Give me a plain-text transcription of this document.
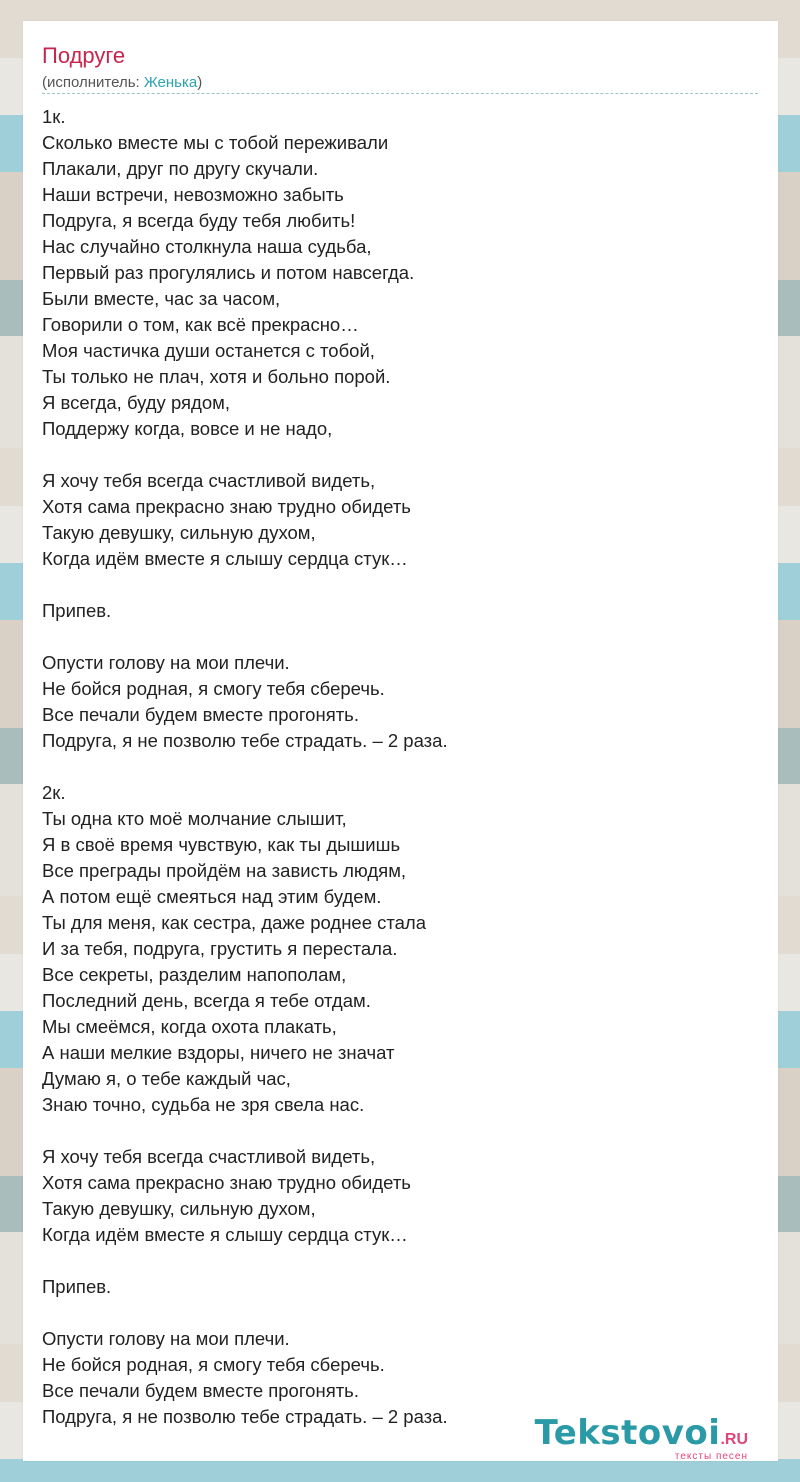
Подруге
(исполнитель: Женька)
1к.
Сколько вместе мы с тобой переживали
Плакали, друг по другу скучали.
Наши встречи, невозможно забыть
Подруга, я всегда буду тебя любить!
Нас случайно столкнула наша судьба,
Первый раз прогулялись и потом навсегда.
Были вместе, час за часом,
Говорили о том, как всё прекрасно…
Моя частичка души останется с тобой,
Ты только не плач, хотя и больно порой.
Я всегда, буду рядом,
Поддержу когда, вовсе и не надо,
Я хочу тебя всегда счастливой видеть,
Хотя сама прекрасно знаю трудно обидеть
Такую девушку, сильную духом,
Когда идём вместе я слышу сердца стук…
Припев.
Опусти голову на мои плечи.
Не бойся родная, я смогу тебя сберечь.
Все печали будем вместе прогонять.
Подруга, я не позволю тебе страдать. – 2 раза.
2к.
Ты одна кто моё молчание слышит,
Я в своё время чувствую, как ты дышишь
Все преграды пройдём на зависть людям,
А потом ещё смеяться над этим будем.
Ты для меня, как сестра, даже роднее стала
И за тебя, подруга, грустить я перестала.
Все секреты, разделим напополам,
Последний день, всегда я тебе отдам.
Мы смеёмся, когда охота плакать,
А наши мелкие вздоры, ничего не значат
Думаю я, о тебе каждый час,
Знаю точно, судьба не зря свела нас.
Я хочу тебя всегда счастливой видеть,
Хотя сама прекрасно знаю трудно обидеть
Такую девушку, сильную духом,
Когда идём вместе я слышу сердца стук…
Припев.
Опусти голову на мои плечи.
Не бойся родная, я смогу тебя сберечь.
Все печали будем вместе прогонять.
Подруга, я не позволю тебе страдать. – 2 раза.	Tekstovoi.RU
тексты песен
